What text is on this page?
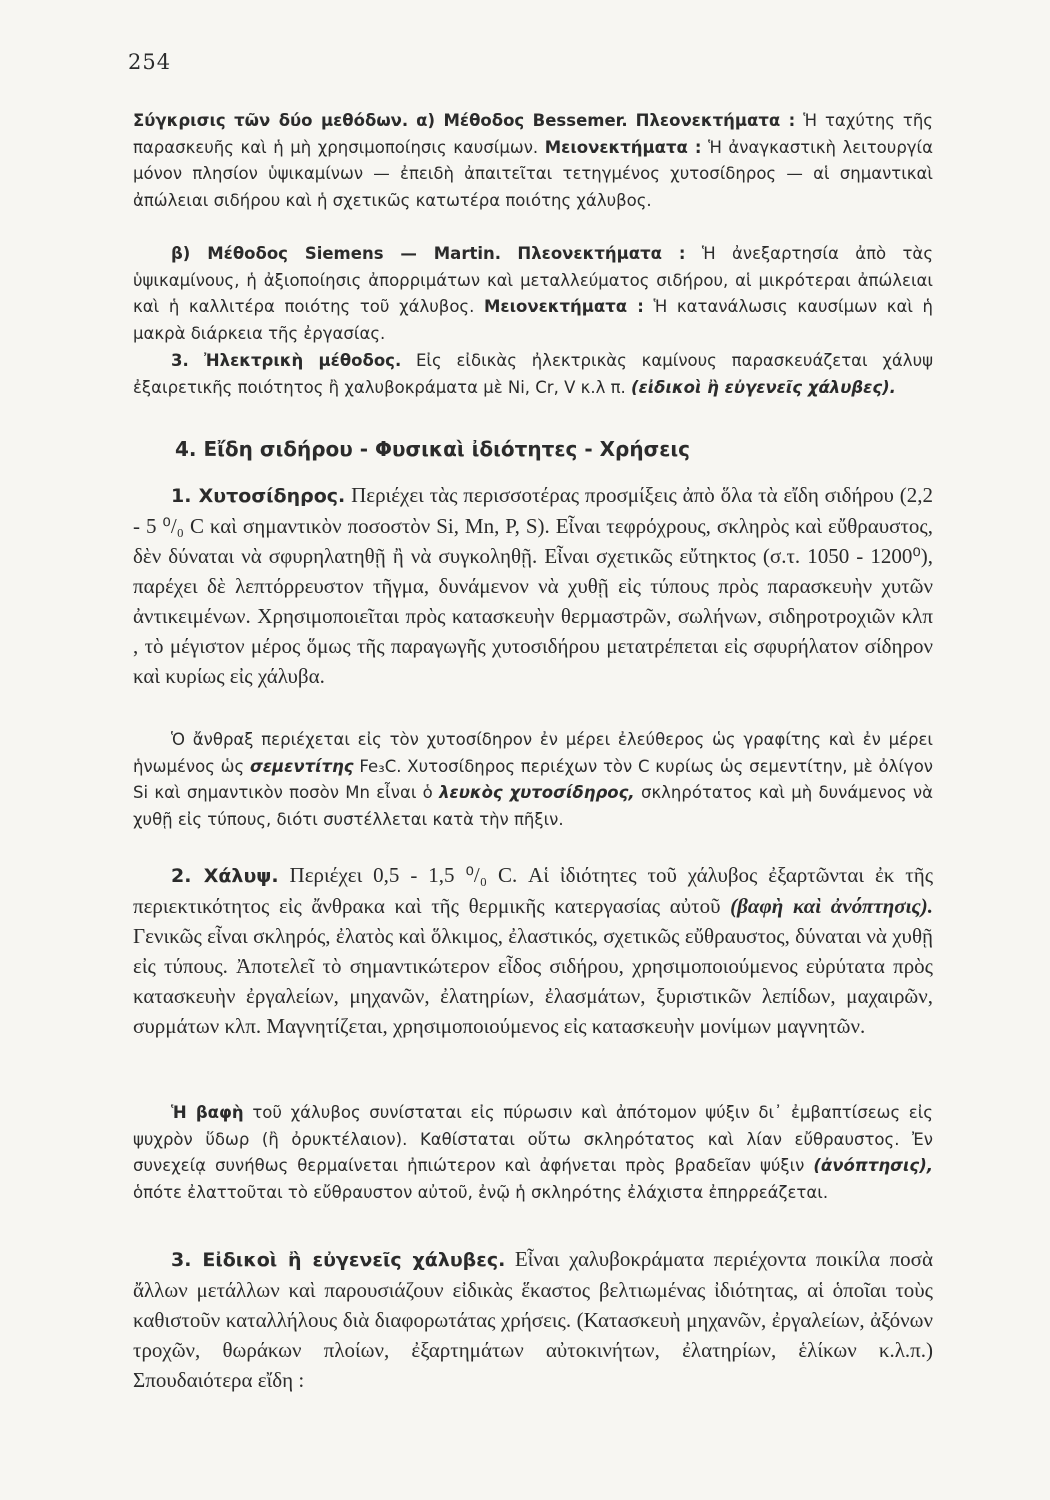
254

Σύγκρισις τῶν δύο μεθόδων. α) Μέθοδος Bessemer. Πλεονεκτήματα : Ἡ ταχύτης τῆς παρασκευῆς καὶ ἡ μὴ χρησιμοποίησις καυσίμων. Μειονεκτήματα : Ἡ ἀναγκαστικὴ λειτουργία μόνον πλησίον ὑψικαμίνων — ἐπειδὴ ἀπαιτεῖται τετηγμένος χυτοσίδηρος — αἱ σημαντικαὶ ἀπώλειαι σιδήρου καὶ ἡ σχετικῶς κατωτέρα ποιότης χάλυβος.

β) Μέθοδος Siemens — Martin. Πλεονεκτήματα : Ἡ ἀνεξαρτησία ἀπὸ τὰς ὑψικαμίνους, ἡ ἀξιοποίησις ἀπορριμάτων καὶ μεταλλεύματος σιδήρου, αἱ μικρότεραι ἀπώλειαι καὶ ἡ καλλιτέρα ποιότης τοῦ χάλυβος. Μειονεκτήματα : Ἡ κατανάλωσις καυσίμων καὶ ἡ μακρὰ διάρκεια τῆς ἐργασίας.

3. Ἠλεκτρικὴ μέθοδος. Εἰς εἰδικὰς ἠλεκτρικὰς καμίνους παρασκευάζεται χάλυψ ἐξαιρετικῆς ποιότητος ἢ χαλυβοκράματα μὲ Ni, Cr, V κ.λ π. (εἰδικοὶ ἢ εὐγενεῖς χάλυβες).

4. Εἴδη σιδήρου - Φυσικαὶ ἰδιότητες - Χρήσεις

1. Χυτοσίδηρος. Περιέχει τὰς περισσοτέρας προσμίξεις ἀπὸ ὅλα τὰ εἴδη σιδήρου (2,2 - 5 ⁰/₀ C καὶ σημαντικὸν ποσοστὸν Si, Mn, P, S). Εἶναι τεφρόχρους, σκληρὸς καὶ εὔθραυστος, δὲν δύναται νὰ σφυρηλατηθῇ ἢ νὰ συγκοληθῇ. Εἶναι σχετικῶς εὔτηκτος (σ.τ. 1050 - 1200⁰), παρέχει δὲ λεπτόρρευστον τῆγμα, δυνάμενον νὰ χυθῇ εἰς τύπους πρὸς παρασκευὴν χυτῶν ἀντικειμένων. Χρησιμοποιεῖται πρὸς κατασκευὴν θερμαστρῶν, σωλήνων, σιδηροτροχιῶν κλπ , τὸ μέγιστον μέρος ὅμως τῆς παραγωγῆς χυτοσιδήρου μετατρέπεται εἰς σφυρήλατον σίδηρον καὶ κυρίως εἰς χάλυβα.

Ὁ ἄνθραξ περιέχεται εἰς τὸν χυτοσίδηρον ἐν μέρει ἐλεύθερος ὡς γραφίτης καὶ ἐν μέρει ἡνωμένος ὡς σεμεντίτης Fe₃C. Χυτοσίδηρος περιέχων τὸν C κυρίως ὡς σεμεντίτην, μὲ ὀλίγον Si καὶ σημαντικὸν ποσὸν Mn εἶναι ὁ λευκὸς χυτοσίδηρος, σκληρότατος καὶ μὴ δυνάμενος νὰ χυθῇ εἰς τύπους, διότι συστέλλεται κατὰ τὴν πῆξιν.

2. Χάλυψ. Περιέχει 0,5 - 1,5 ⁰/₀ C. Αἱ ἰδιότητες τοῦ χάλυβος ἐξαρτῶνται ἐκ τῆς περιεκτικότητος εἰς ἄνθρακα καὶ τῆς θερμικῆς κατεργασίας αὐτοῦ (βαφὴ καὶ ἀνόπτησις). Γενικῶς εἶναι σκληρός, ἐλατὸς καὶ ὅλκιμος, ἐλαστικός, σχετικῶς εὔθραυστος, δύναται νὰ χυθῇ εἰς τύπους. Ἀποτελεῖ τὸ σημαντικώτερον εἶδος σιδήρου, χρησιμοποιούμενος εὐρύτατα πρὸς κατασκευὴν ἐργαλείων, μηχανῶν, ἐλατηρίων, ἐλασμάτων, ξυριστικῶν λεπίδων, μαχαιρῶν, συρμάτων κλπ. Μαγνητίζεται, χρησιμοποιούμενος εἰς κατασκευὴν μονίμων μαγνητῶν.

Ἡ βαφὴ τοῦ χάλυβος συνίσταται εἰς πύρωσιν καὶ ἀπότομον ψύξιν δι᾽ ἐμβαπτίσεως εἰς ψυχρὸν ὕδωρ (ἢ ὀρυκτέλαιον). Καθίσταται οὕτω σκληρότατος καὶ λίαν εὔθραυστος. Ἐν συνεχείᾳ συνήθως θερμαίνεται ἠπιώτερον καὶ ἀφήνεται πρὸς βραδεῖαν ψύξιν (ἀνόπτησις), ὁπότε ἐλαττοῦται τὸ εὔθραυστον αὐτοῦ, ἐνῷ ἡ σκληρότης ἐλάχιστα ἐπηρρεάζεται.

3. Εἰδικοὶ ἢ εὐγενεῖς χάλυβες. Εἶναι χαλυβοκράματα περιέχοντα ποικίλα ποσὰ ἄλλων μετάλλων καὶ παρουσιάζουν εἰδικὰς ἕκαστος βελτιωμένας ἰδιότητας, αἱ ὁποῖαι τοὺς καθιστοῦν καταλλήλους διὰ διαφορωτάτας χρήσεις. (Κατασκευὴ μηχανῶν, ἐργαλείων, ἀξόνων τροχῶν, θωράκων πλοίων, ἐξαρτημάτων αὐτοκινήτων, ἐλατηρίων, ἑλίκων κ.λ.π.) Σπουδαιότερα εἴδη :
